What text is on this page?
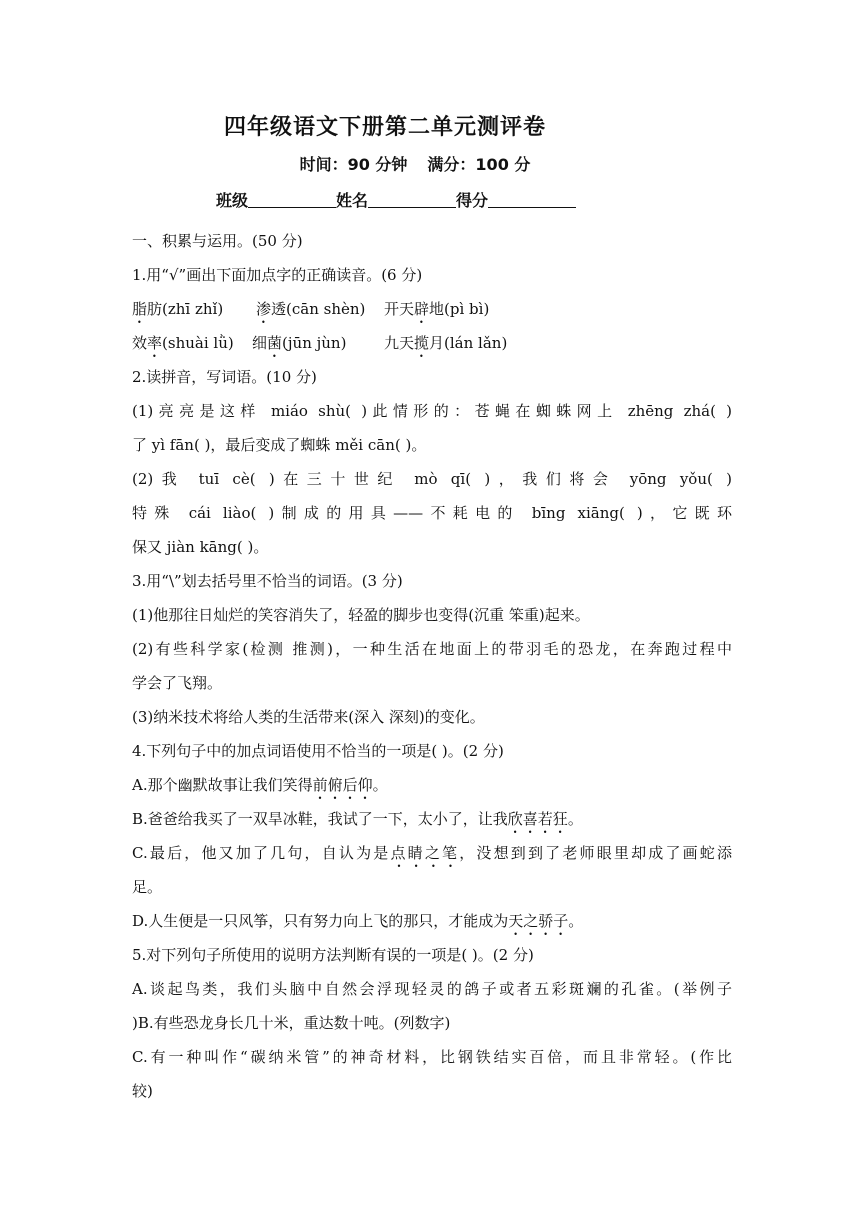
四年级语文下册第二单元测评卷
时间：90 分钟 满分：100 分
班级	姓名	得分
一、积累与运用。(50 分)
1.用“√”画出下面加点字的正确读音。(6 分)
脂肪(zhī zhǐ) 渗透(cān shèn) 开天辟地(pì bì)
效率(shuài lǜ) 细菌(jūn jùn)	九天揽月(lán lǎn)
2.读拼音，写词语。(10 分)
(1)亮亮是这样 miáo shù( )此情形的：苍蝇在蜘蛛网上 zhēng zhá( )
了 yì fān( )，最后变成了蜘蛛 měi cān( )。
(2)我 tuī cè( )在三十世纪 mò qī( )，我们将会 yōng yǒu( )
特殊 cái liào( )制成的用具——不耗电的 bīng xiāng( )，它既环
保又 jiàn kāng( )。
3.用“\”划去括号里不恰当的词语。(3 分)
(1)他那往日灿烂的笑容消失了，轻盈的脚步也变得(沉重 笨重)起来。
(2)有些科学家(检测 推测)，一种生活在地面上的带羽毛的恐龙，在奔跑过程中
学会了飞翔。
(3)纳米技术将给人类的生活带来(深入 深刻)的变化。
4.下列句子中的加点词语使用不恰当的一项是( )。(2 分)
A.那个幽默故事让我们笑得前俯后仰。
B.爸爸给我买了一双旱冰鞋，我试了一下，太小了，让我欣喜若狂。
C.最后，他又加了几句，自认为是点睛之笔，没想到到了老师眼里却成了画蛇添
足。
D.人生便是一只风筝，只有努力向上飞的那只，才能成为天之骄子。
5.对下列句子所使用的说明方法判断有误的一项是( )。(2 分)
A.谈起鸟类，我们头脑中自然会浮现轻灵的鸽子或者五彩斑斓的孔雀。(举例子
)B.有些恐龙身长几十米，重达数十吨。(列数字)
C.有一种叫作“碳纳米管”的神奇材料，比钢铁结实百倍，而且非常轻。(作比
较)
